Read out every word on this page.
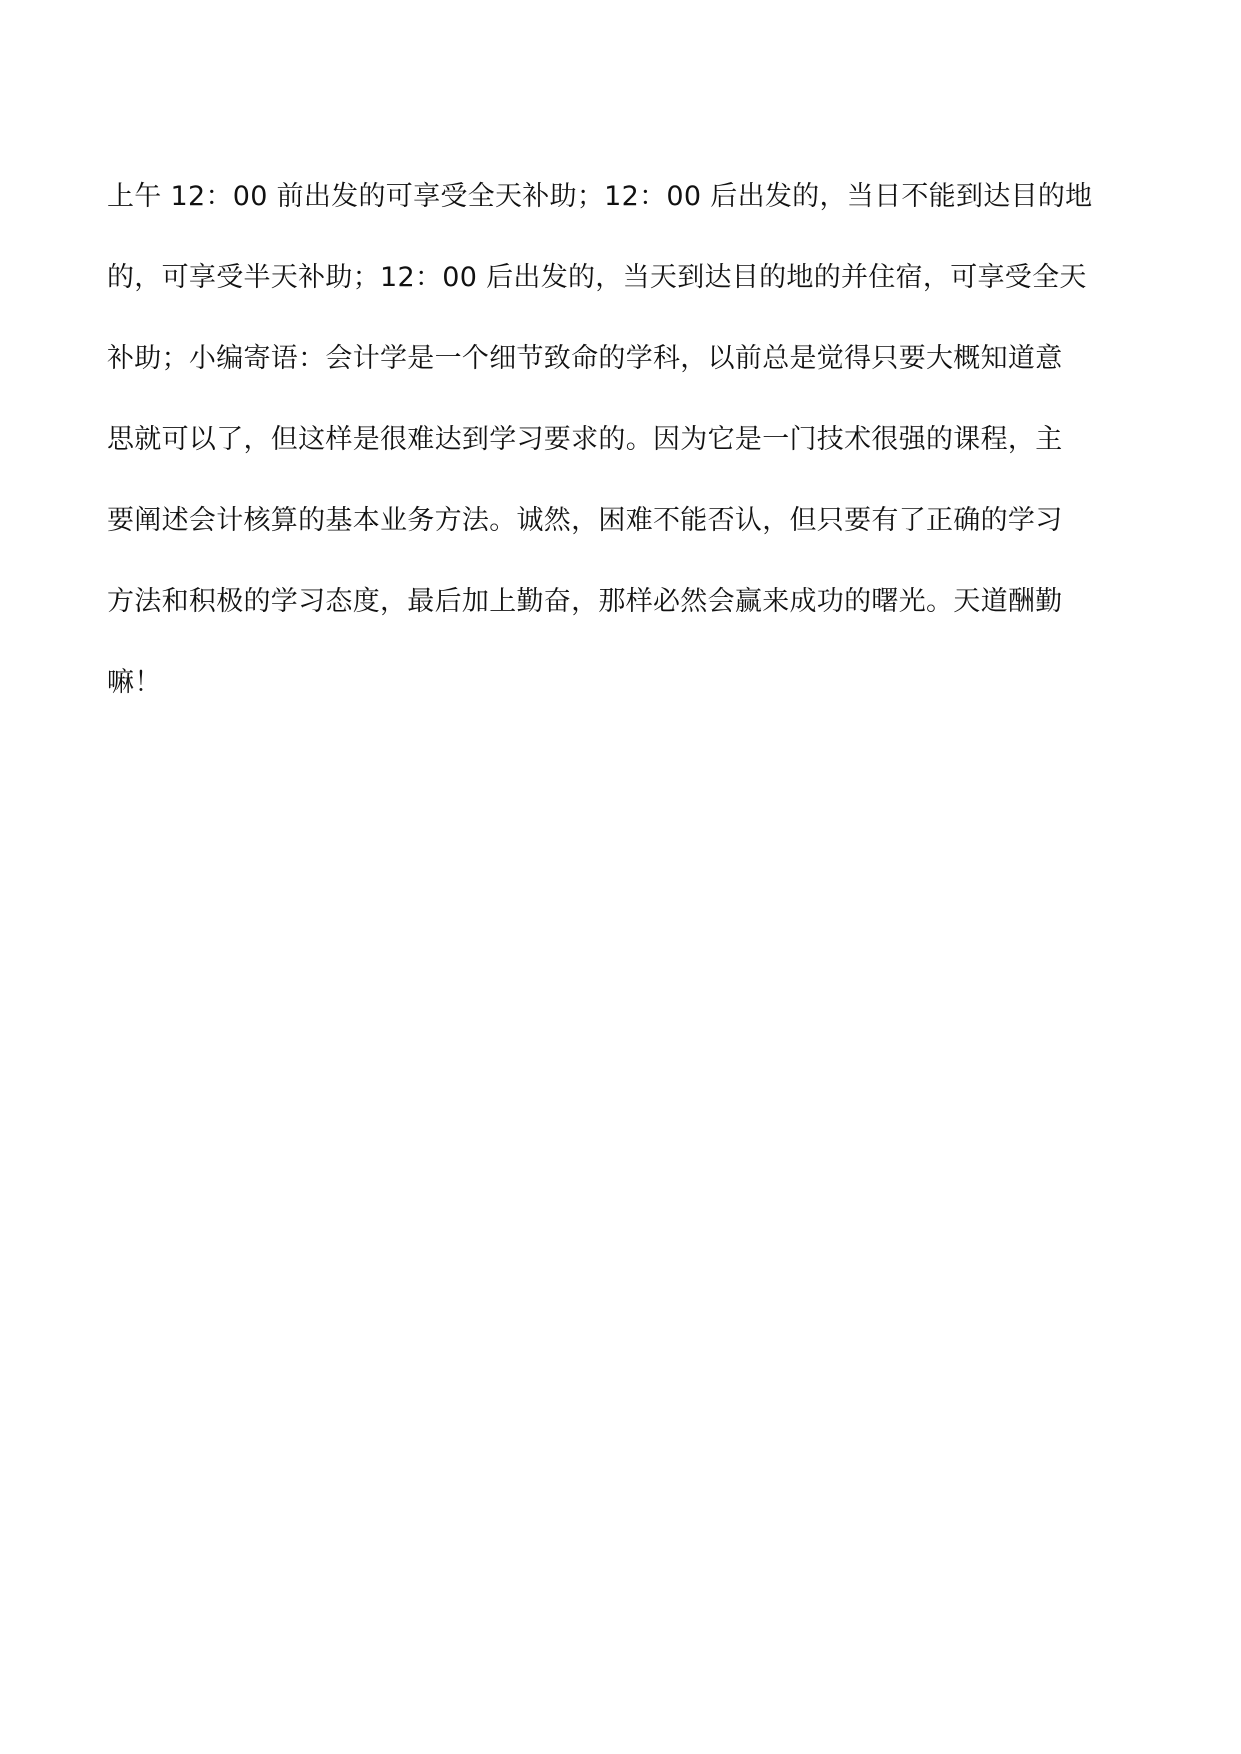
上午 12：00 前出发的可享受全天补助；12：00 后出发的，当日不能到达目的地
的，可享受半天补助；12：00 后出发的，当天到达目的地的并住宿，可享受全天
补助；小编寄语：会计学是一个细节致命的学科，以前总是觉得只要大概知道意
思就可以了，但这样是很难达到学习要求的。因为它是一门技术很强的课程，主
要阐述会计核算的基本业务方法。诚然，困难不能否认，但只要有了正确的学习
方法和积极的学习态度，最后加上勤奋，那样必然会赢来成功的曙光。天道酬勤
嘛！
